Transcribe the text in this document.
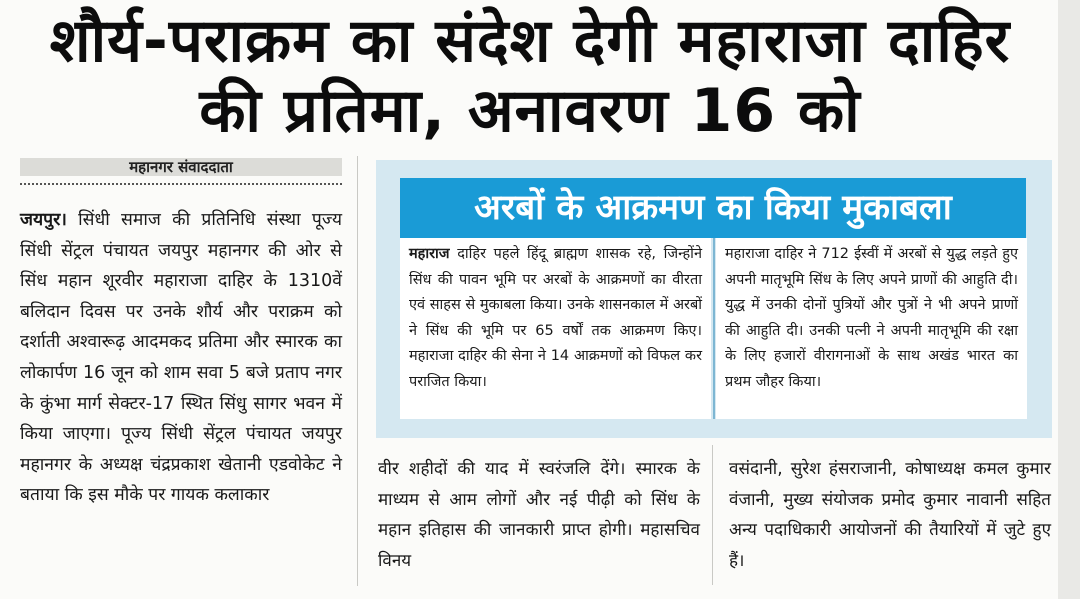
शौर्य-पराक्रम का संदेश देगी महाराजा दाहिर की प्रतिमा, अनावरण 16 को
महानगर संवाददाता

जयपुर। सिंधी समाज की प्रतिनिधि संस्था पूज्य सिंधी सेंट्रल पंचायत जयपुर महानगर की ओर से सिंध महान शूरवीर महाराजा दाहिर के 1310वें बलिदान दिवस पर उनके शौर्य और पराक्रम को दर्शाती अश्वारूढ़ आदमकद प्रतिमा और स्मारक का लोकार्पण 16 जून को शाम सवा 5 बजे प्रताप नगर के कुंभा मार्ग सेक्टर-17 स्थित सिंधु सागर भवन में किया जाएगा। पूज्य सिंधी सेंट्रल पंचायत जयपुर महानगर के अध्यक्ष चंद्रप्रकाश खेतानी एडवोकेट ने बताया कि इस मौके पर गायक कलाकार

अरबों के आक्रमण का किया मुकाबला

महाराज दाहिर पहले हिंदू ब्राह्मण शासक रहे, जिन्होंने सिंध की पावन भूमि पर अरबों के आक्रमणों का वीरता एवं साहस से मुकाबला किया। उनके शासनकाल में अरबों ने सिंध की भूमि पर 65 वर्षों तक आक्रमण किए। महाराजा दाहिर की सेना ने 14 आक्रमणों को विफल कर पराजित किया।

महाराजा दाहिर ने 712 ईस्वीं में अरबों से युद्ध लड़ते हुए अपनी मातृभूमि सिंध के लिए अपने प्राणों की आहुति दी। युद्ध में उनकी दोनों पुत्रियों और पुत्रों ने भी अपने प्राणों की आहुति दी। उनकी पत्नी ने अपनी मातृभूमि की रक्षा के लिए हजारों वीरागनाओं के साथ अखंड भारत का प्रथम जौहर किया।

वीर शहीदों की याद में स्वरंजलि देंगे। स्मारक के माध्यम से आम लोगों और नई पीढ़ी को सिंध के महान इतिहास की जानकारी प्राप्त होगी। महासचिव विनय

वसंदानी, सुरेश हंसराजानी, कोषाध्यक्ष कमल कुमार वंजानी, मुख्य संयोजक प्रमोद कुमार नावानी सहित अन्य पदाधिकारी आयोजनों की तैयारियों में जुटे हुए हैं।
